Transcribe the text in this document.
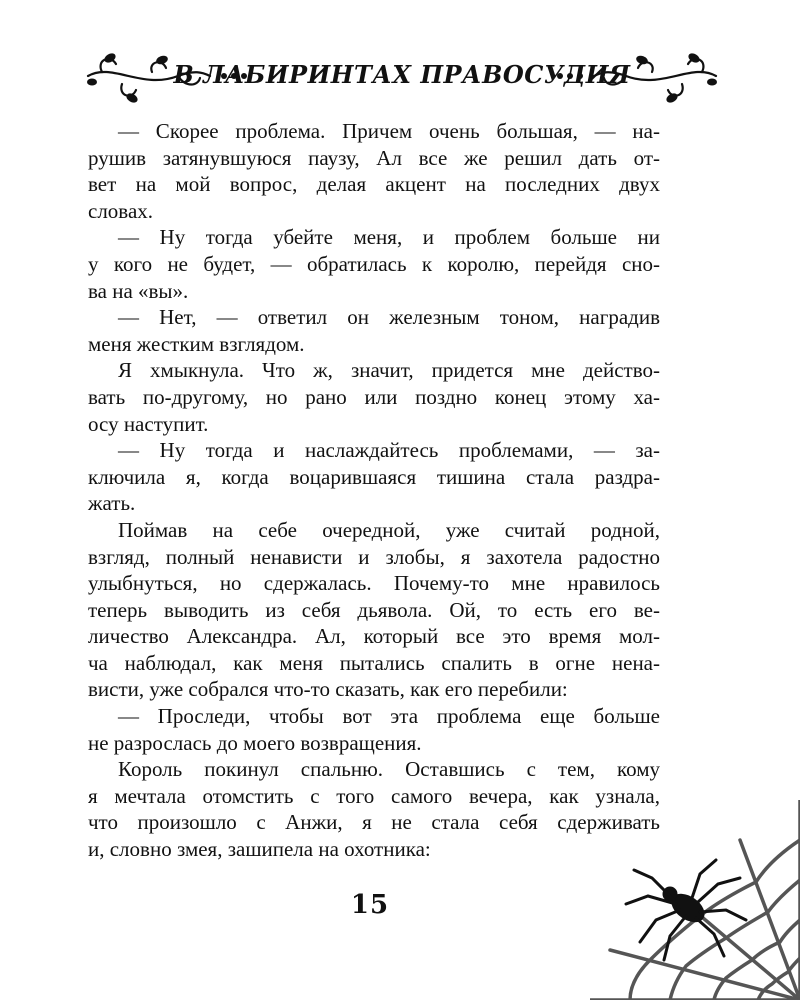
В ЛАБИРИНТАХ ПРАВОСУДИЯ

— Скорее проблема. Причем очень большая, — на-
рушив затянувшуюся паузу, Ал все же решил дать от-
вет на мой вопрос, делая акцент на последних двух
словах.

— Ну тогда убейте меня, и проблем больше ни
у кого не будет, — обратилась к королю, перейдя сно-
ва на «вы».

— Нет, — ответил он железным тоном, наградив
меня жестким взглядом.

Я хмыкнула. Что ж, значит, придется мне действо-
вать по-другому, но рано или поздно конец этому ха-
осу наступит.

— Ну тогда и наслаждайтесь проблемами, — за-
ключила я, когда воцарившаяся тишина стала раздра-
жать.

Поймав на себе очередной, уже считай родной,
взгляд, полный ненависти и злобы, я захотела радостно
улыбнуться, но сдержалась. Почему-то мне нравилось
теперь выводить из себя дьявола. Ой, то есть его ве-
личество Александра. Ал, который все это время мол-
ча наблюдал, как меня пытались спалить в огне нена-
висти, уже собрался что-то сказать, как его перебили:

— Проследи, чтобы вот эта проблема еще больше
не разрослась до моего возвращения.

Король покинул спальню. Оставшись с тем, кому
я мечтала отомстить с того самого вечера, как узнала,
что произошло с Анжи, я не стала себя сдерживать
и, словно змея, зашипела на охотника:

15
